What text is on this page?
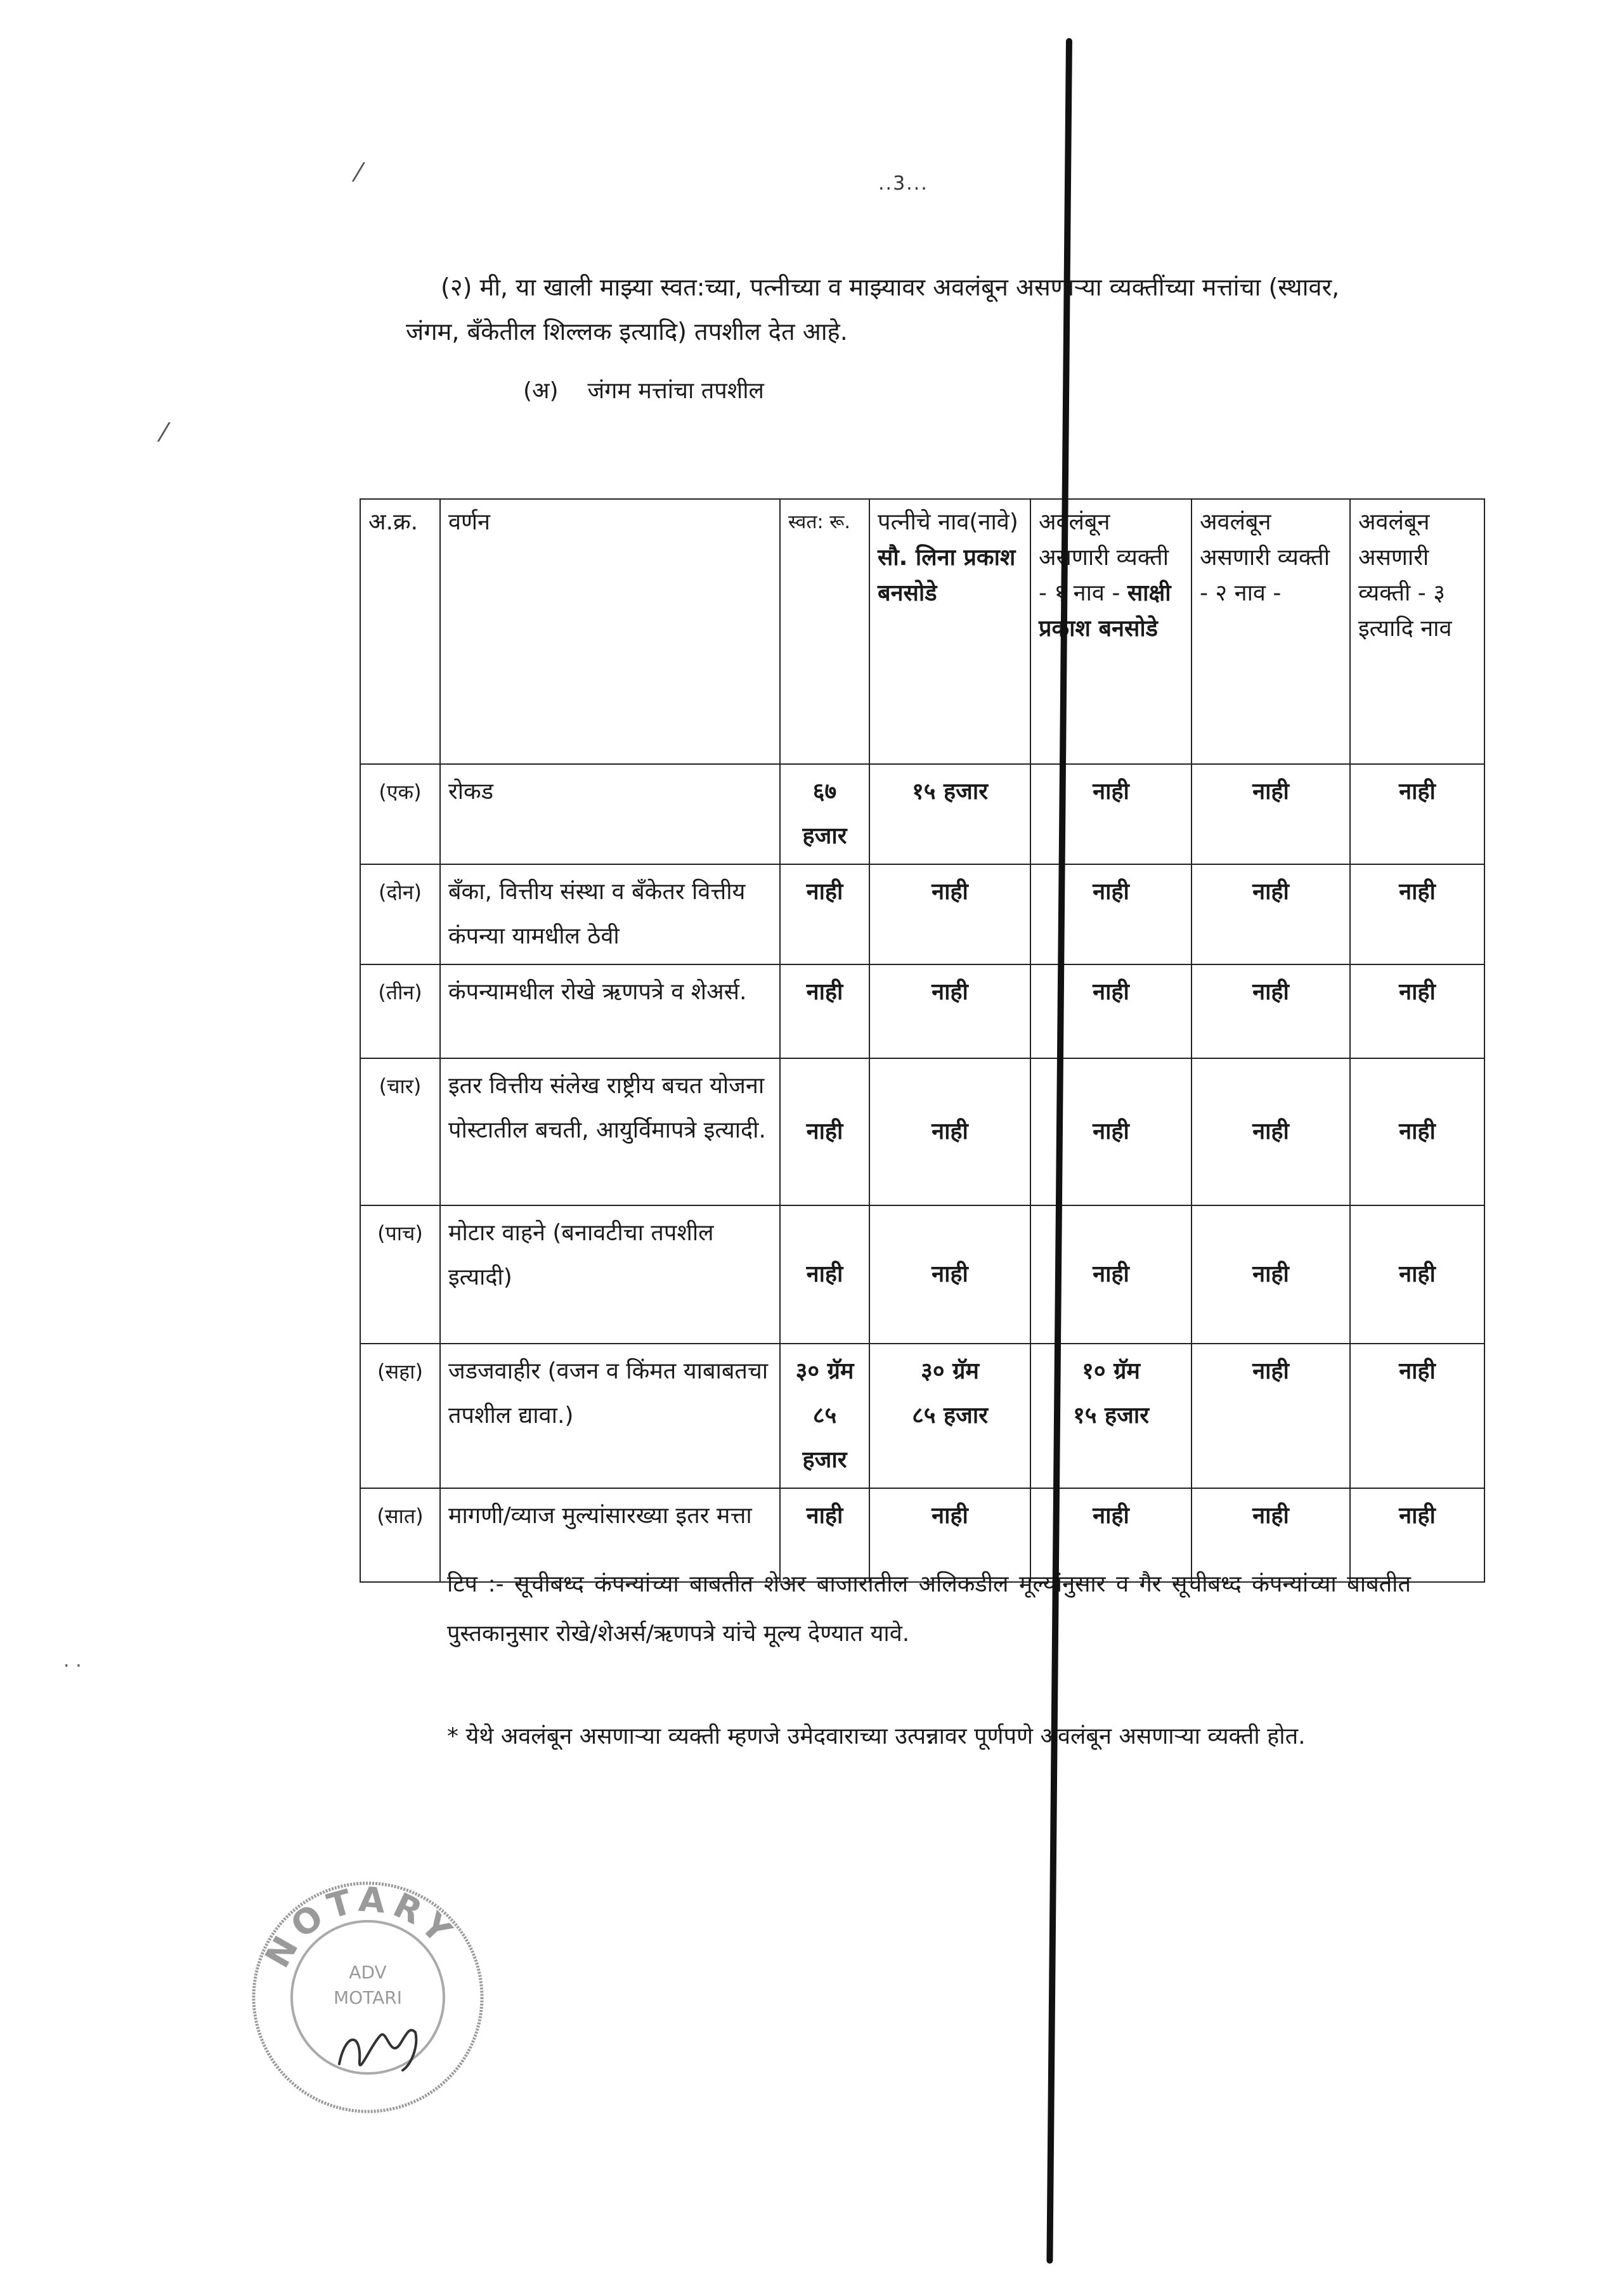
⁄
⁄
· ·
..3...
(२) मी, या खाली माझ्या स्वत:च्या, पत्नीच्या व माझ्यावर अवलंबून असणाऱ्या व्यक्तींच्या मत्तांचा (स्थावर, जंगम, बँकेतील शिल्लक इत्यादि) तपशील देत आहे.
(अ) जंगम मत्तांचा तपशील
अ.क्र.	वर्णन	स्वत: रू.	पत्नीचे नाव(नावे) सौ. लिना प्रकाश बनसोडे	अवलंबून असणारी व्यक्ती - १ नाव - साक्षी प्रकाश बनसोडे	अवलंबून असणारी व्यक्ती - २ नाव -	अवलंबून असणारी व्यक्ती - ३ इत्यादि नाव
(एक)	रोकड	६७ हजार	१५ हजार	नाही	नाही	नाही
(दोन)	बँका, वित्तीय संस्था व बँकेतर वित्तीय कंपन्या यामधील ठेवी	नाही	नाही	नाही	नाही	नाही
(तीन)	कंपन्यामधील रोखे ऋणपत्रे व शेअर्स.	नाही	नाही	नाही	नाही	नाही
(चार)	इतर वित्तीय संलेख राष्ट्रीय बचत योजना पोस्टातील बचती, आयुर्विमापत्रे इत्यादी.	नाही	नाही	नाही	नाही	नाही
(पाच)	मोटार वाहने (बनावटीचा तपशील इत्यादी)	नाही	नाही	नाही	नाही	नाही
(सहा)	जडजवाहीर (वजन व किंमत याबाबतचा तपशील द्यावा.)	३० ग्रॅम
८५ हजार	३० ग्रॅम
८५ हजार	१० ग्रॅम
१५ हजार	नाही	नाही
(सात)	मागणी/व्याज मुल्यांसारख्या इतर मत्ता	नाही	नाही	नाही	नाही	नाही
टिप :- सूचीबध्द कंपन्यांच्या बाबतीत शेअर बाजारातील अलिकडील मूल्यांनुसार व गैर सूचीबध्द कंपन्यांच्या बाबतीत पुस्तकानुसार रोखे/शेअर्स/ऋणपत्रे यांचे मूल्य देण्यात यावे.
* येथे अवलंबून असणाऱ्या व्यक्ती म्हणजे उमेदवाराच्या उत्पन्नावर पूर्णपणे अवलंबून असणाऱ्या व्यक्ती होत.
NOTARY
ADV
MOTARI
